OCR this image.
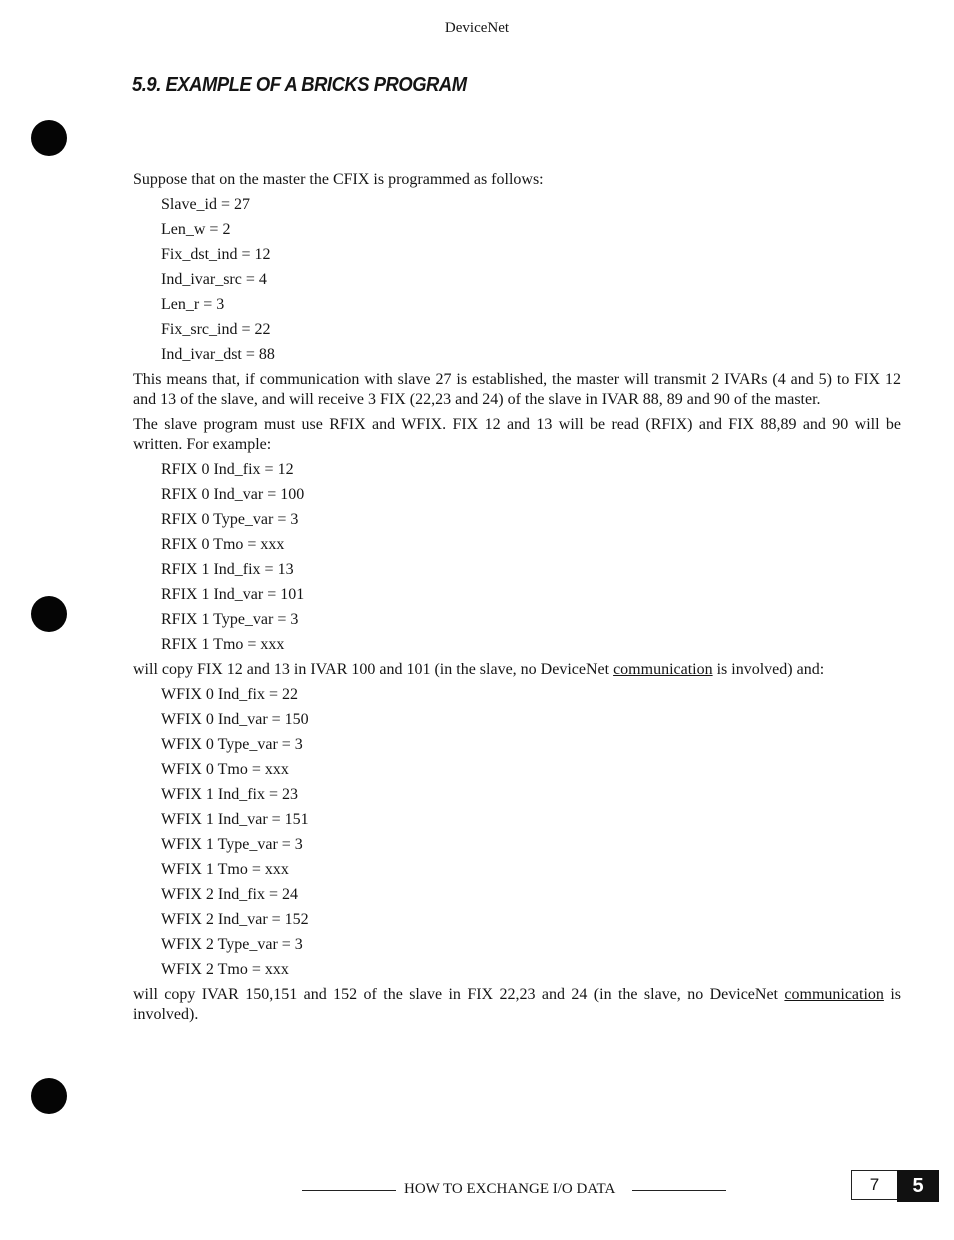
DeviceNet
5.9. EXAMPLE OF A BRICKS PROGRAM

Suppose that on the master the CFIX is programmed as follows:

Slave_id = 27
Len_w = 2
Fix_dst_ind = 12
Ind_ivar_src = 4
Len_r = 3
Fix_src_ind = 22
Ind_ivar_dst = 88

This means that, if communication with slave 27 is established, the master will transmit 2 IVARs (4 and 5) to FIX 12 and 13 of the slave, and will receive 3 FIX (22,23 and 24) of the slave in IVAR 88, 89 and 90 of the master.

The slave program must use RFIX and WFIX. FIX 12 and 13 will be read (RFIX) and FIX 88,89 and 90 will be written. For example:

RFIX 0 Ind_fix = 12
RFIX 0 Ind_var = 100
RFIX 0 Type_var = 3
RFIX 0 Tmo = xxx
RFIX 1 Ind_fix = 13
RFIX 1 Ind_var = 101
RFIX 1 Type_var = 3
RFIX 1 Tmo = xxx

will copy FIX 12 and 13 in IVAR 100 and 101 (in the slave, no DeviceNet communication is involved) and:

WFIX 0 Ind_fix = 22
WFIX 0 Ind_var = 150
WFIX 0 Type_var = 3
WFIX 0 Tmo = xxx
WFIX 1 Ind_fix = 23
WFIX 1 Ind_var = 151
WFIX 1 Type_var = 3
WFIX 1 Tmo = xxx
WFIX 2 Ind_fix = 24
WFIX 2 Ind_var = 152
WFIX 2 Type_var = 3
WFIX 2 Tmo = xxx

will copy IVAR 150,151 and 152 of the slave in FIX 22,23 and 24 (in the slave, no DeviceNet communication is involved).

HOW TO EXCHANGE I/O DATA	7	5
